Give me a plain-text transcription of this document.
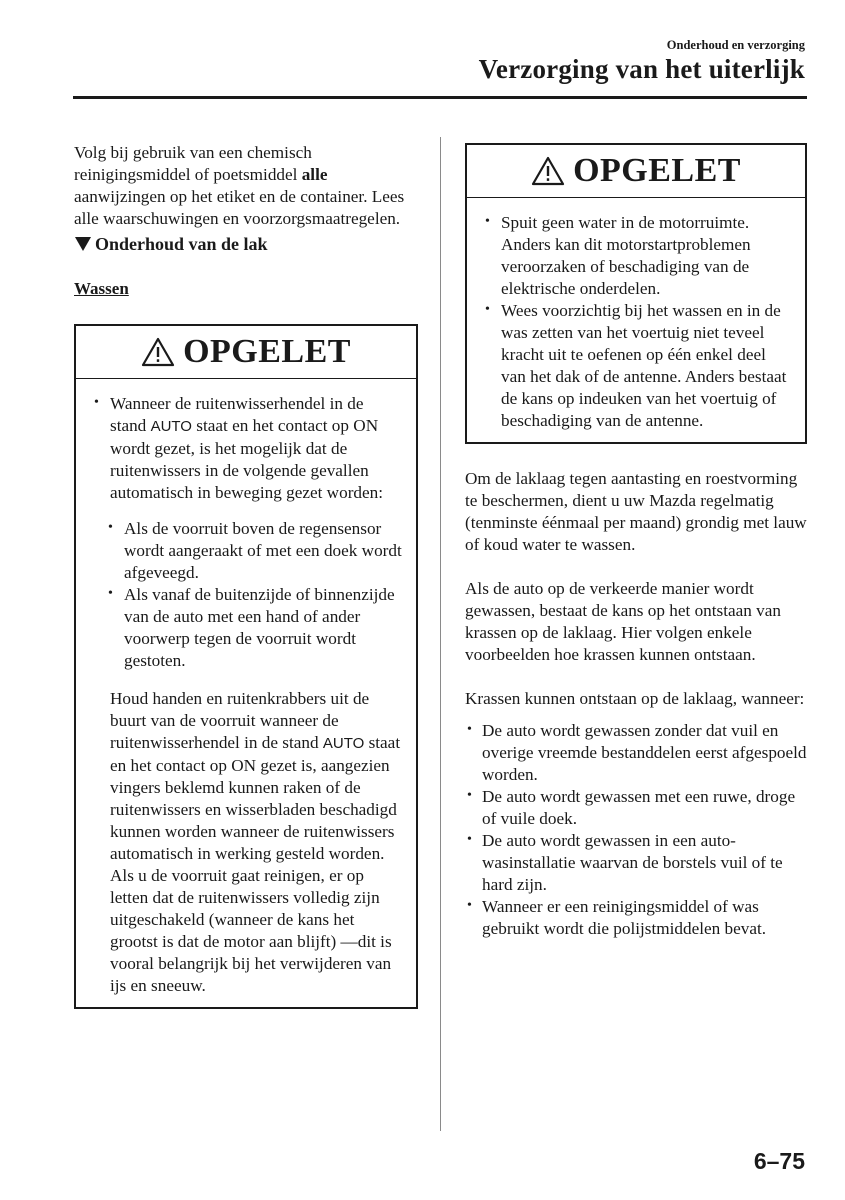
Onderhoud en verzorging
Verzorging van het uiterlijk

Volg bij gebruik van een chemisch reinigingsmiddel of poetsmiddel alle aanwijzingen op het etiket en de container. Lees alle waarschuwingen en voorzorgsmaatregelen.

Onderhoud van de lak
Wassen
OPGELET
• Wanneer de ruitenwisserhendel in de stand AUTO staat en het contact op ON wordt gezet, is het mogelijk dat de ruitenwissers in de volgende gevallen automatisch in beweging gezet worden:
• Als de voorruit boven de regensensor wordt aangeraakt of met een doek wordt afgeveegd.
• Als vanaf de buitenzijde of binnenzijde van de auto met een hand of ander voorwerp tegen de voorruit wordt gestoten.

Houd handen en ruitenkrabbers uit de buurt van de voorruit wanneer de ruitenwisserhendel in de stand AUTO staat en het contact op ON gezet is, aangezien vingers beklemd kunnen raken of de ruitenwissers en wisserbladen beschadigd kunnen worden wanneer de ruitenwissers automatisch in werking gesteld worden.

Als u de voorruit gaat reinigen, er op letten dat de ruitenwissers volledig zijn uitgeschakeld (wanneer de kans het grootst is dat de motor aan blijft) —dit is vooral belangrijk bij het verwijderen van ijs en sneeuw.

OPGELET
• Spuit geen water in de motorruimte. Anders kan dit motorstartproblemen veroorzaken of beschadiging van de elektrische onderdelen.
• Wees voorzichtig bij het wassen en in de was zetten van het voertuig niet teveel kracht uit te oefenen op één enkel deel van het dak of de antenne. Anders bestaat de kans op indeuken van het voertuig of beschadiging van de antenne.

Om de laklaag tegen aantasting en roestvorming te beschermen, dient u uw Mazda regelmatig (tenminste éénmaal per maand) grondig met lauw of koud water te wassen.

Als de auto op de verkeerde manier wordt gewassen, bestaat de kans op het ontstaan van krassen op de laklaag. Hier volgen enkele voorbeelden hoe krassen kunnen ontstaan.

Krassen kunnen ontstaan op de laklaag, wanneer:

• De auto wordt gewassen zonder dat vuil en overige vreemde bestanddelen eerst afgespoeld worden.
• De auto wordt gewassen met een ruwe, droge of vuile doek.
• De auto wordt gewassen in een auto-wasinstallatie waarvan de borstels vuil of te hard zijn.
• Wanneer er een reinigingsmiddel of was gebruikt wordt die polijstmiddelen bevat.
6–75
